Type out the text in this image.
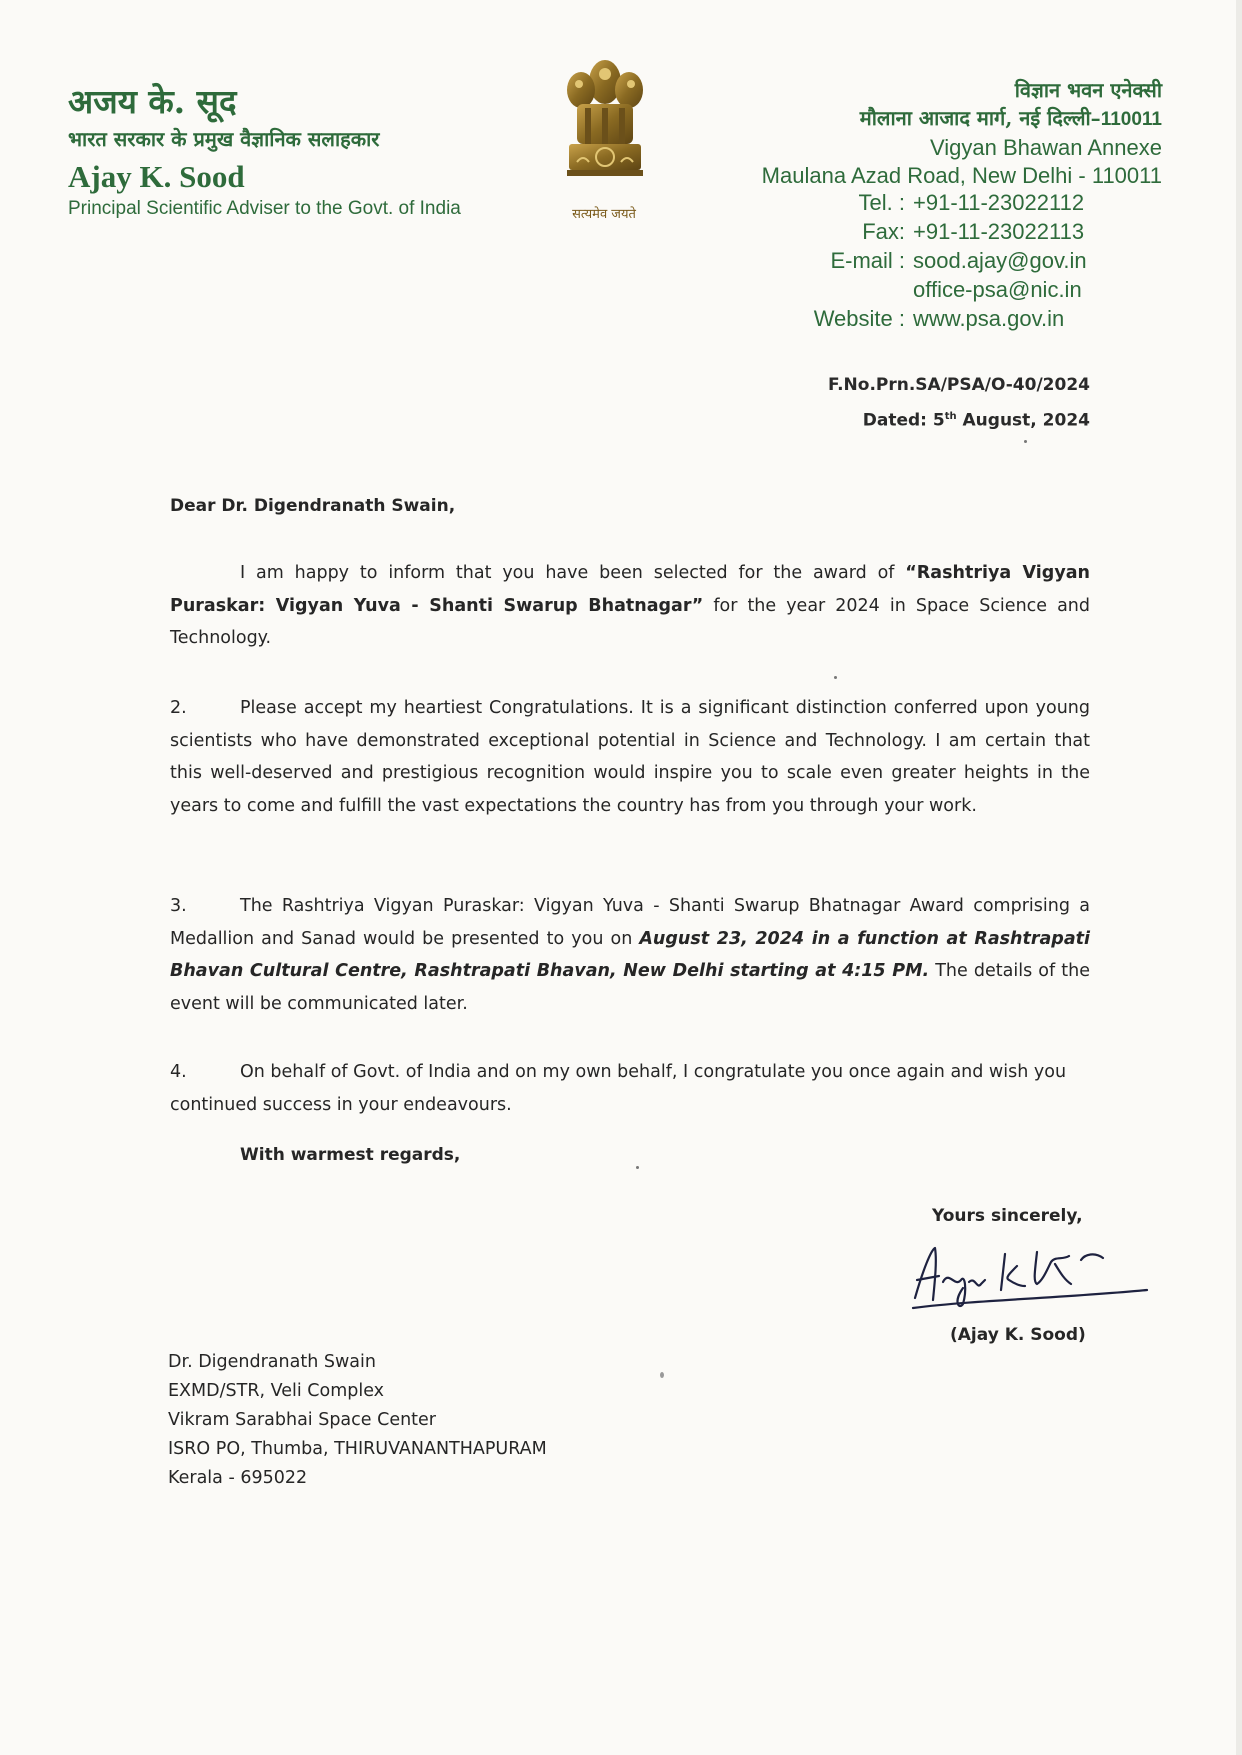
अजय के. सूद
भारत सरकार के प्रमुख वैज्ञानिक सलाहकार
Ajay K. Sood
Principal Scientific Adviser to the Govt. of India	सत्यमेव जयते
विज्ञान भवन एनेक्सी
मौलाना आजाद मार्ग, नई दिल्ली–110011
Vigyan Bhawan Annexe
Maulana Azad Road, New Delhi - 110011
Tel. : +91-11-23022112
Fax: +91-11-23022113
E-mail : sood.ajay@gov.in
office-psa@nic.in
Website : www.psa.gov.in
F.No.Prn.SA/PSA/O-40/2024
Dated: 5th August, 2024
Dear Dr. Digendranath Swain,
I am happy to inform that you have been selected for the award of “Rashtriya Vigyan Puraskar: Vigyan Yuva - Shanti Swarup Bhatnagar” for the year 2024 in Space Science and Technology.
2.	Please accept my heartiest Congratulations. It is a significant distinction conferred upon young scientists who have demonstrated exceptional potential in Science and Technology. I am certain that this well-deserved and prestigious recognition would inspire you to scale even greater heights in the years to come and fulfill the vast expectations the country has from you through your work.
3.	The Rashtriya Vigyan Puraskar: Vigyan Yuva - Shanti Swarup Bhatnagar Award comprising a Medallion and Sanad would be presented to you on August 23, 2024 in a function at Rashtrapati Bhavan Cultural Centre, Rashtrapati Bhavan, New Delhi starting at 4:15 PM. The details of the event will be communicated later.
4.	On behalf of Govt. of India and on my own behalf, I congratulate you once again and wish you continued success in your endeavours.
With warmest regards,
Yours sincerely,
(Ajay K. Sood)
Dr. Digendranath Swain
EXMD/STR, Veli Complex
Vikram Sarabhai Space Center
ISRO PO, Thumba, THIRUVANANTHAPURAM
Kerala - 695022
